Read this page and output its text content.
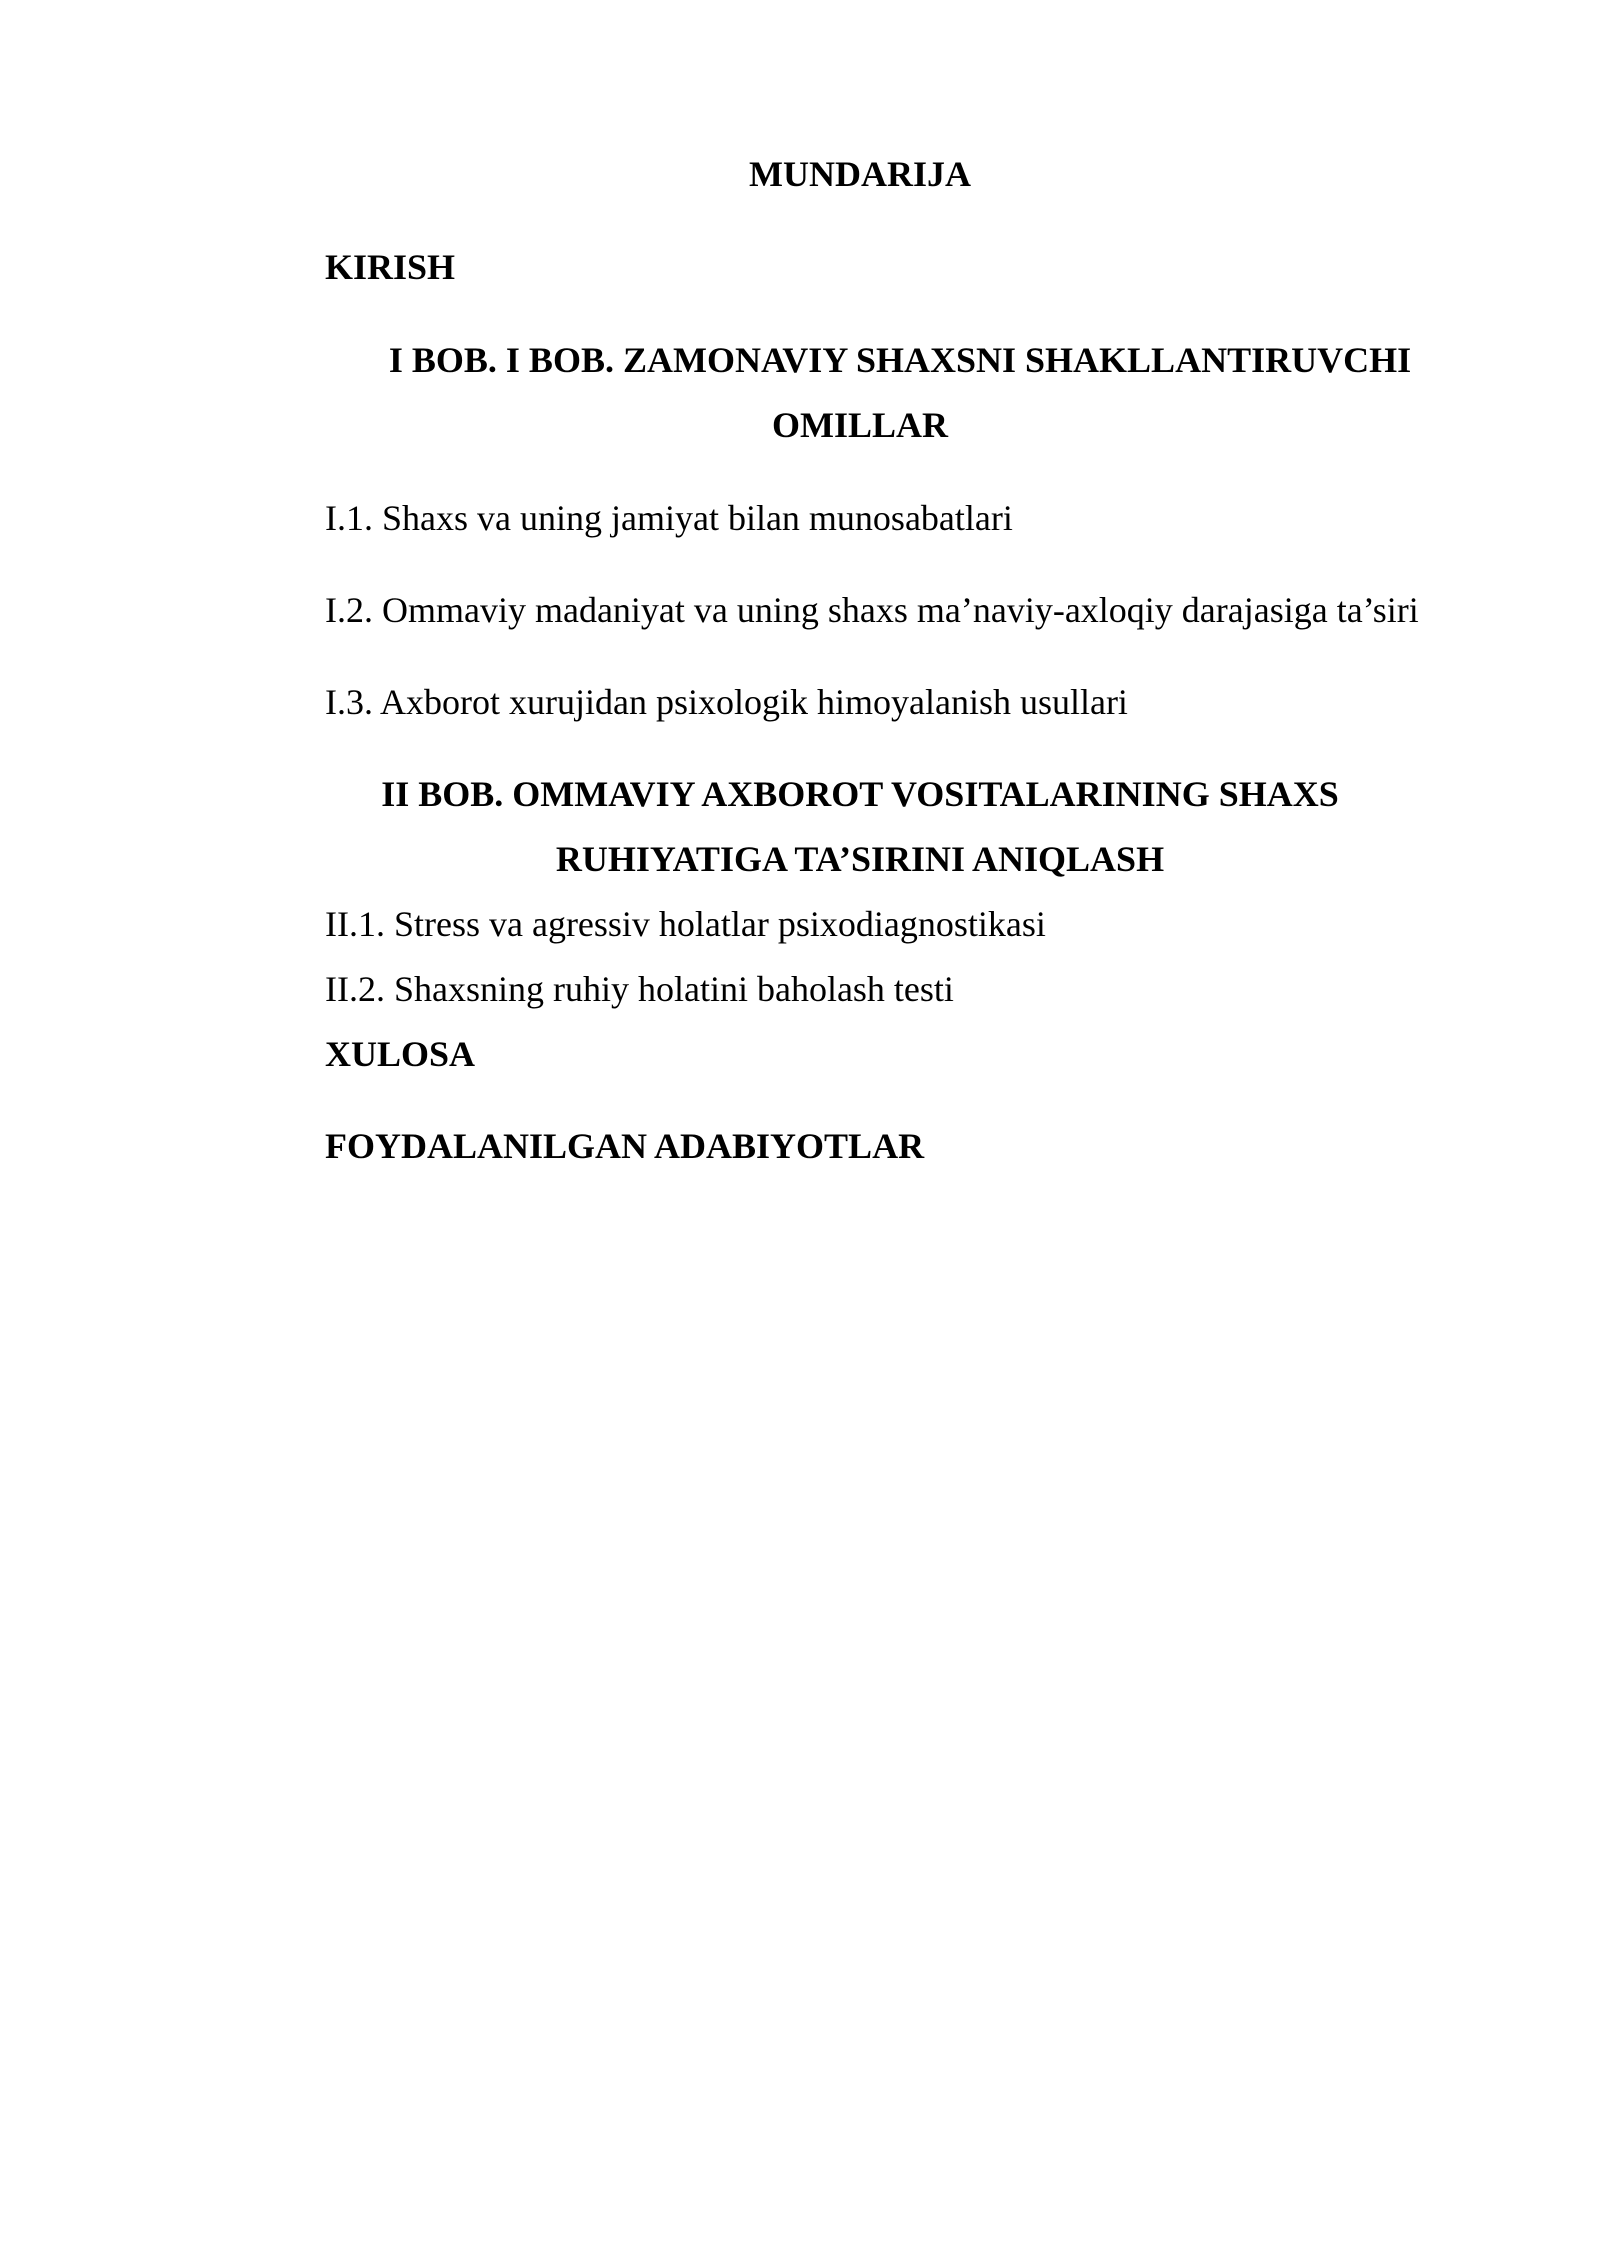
MUNDARIJA
KIRISH
I BOB. I BOB. ZAMONAVIY SHAXSNI SHAKLLANTIRUVCHI
OMILLAR
I.1. Shaxs va uning jamiyat bilan munosabatlari
I.2. Ommaviy madaniyat va uning shaxs ma’naviy-axloqiy darajasiga ta’siri
I.3. Axborot xurujidan psixologik himoyalanish usullari
II BOB. OMMAVIY AXBOROT VOSITALARINING SHAXS
RUHIYATIGA TA’SIRINI ANIQLASH
II.1. Stress va agressiv holatlar psixodiagnostikasi
II.2. Shaxsning ruhiy holatini baholash testi
XULOSA
FOYDALANILGAN ADABIYOTLAR
